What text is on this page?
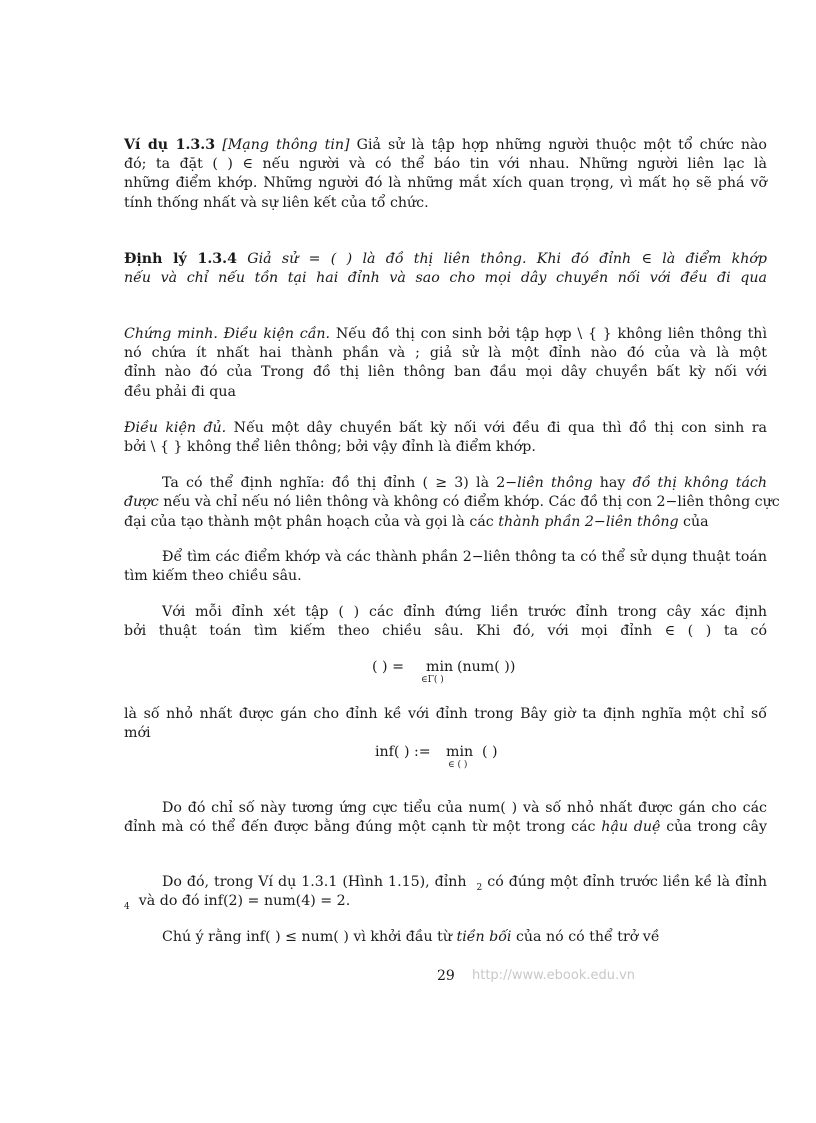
Ví dụ 1.3.3 [Mạng thông tin] Giả sử là tập hợp những người thuộc một tổ chức nào
đó; ta đặt ( ) ∈ nếu người và có thể báo tin với nhau. Những người liên lạc là
những điểm khớp. Những người đó là những mắt xích quan trọng, vì mất họ sẽ phá vỡ
tính thống nhất và sự liên kết của tổ chức.
Định lý 1.3.4 Giả sử = ( ) là đồ thị liên thông. Khi đó đỉnh ∈ là điểm khớp
nếu và chỉ nếu tồn tại hai đỉnh và sao cho mọi dây chuyền nối với đều đi qua
Chứng minh. Điều kiện cần. Nếu đồ thị con sinh bởi tập hợp \ { } không liên thông thì
nó chứa ít nhất hai thành phần và ; giả sử là một đỉnh nào đó của và là một
đỉnh nào đó của Trong đồ thị liên thông ban đầu mọi dây chuyền bất kỳ nối với
đều phải đi qua
Điều kiện đủ. Nếu một dây chuyền bất kỳ nối với đều đi qua thì đồ thị con sinh ra
bởi \ { } không thể liên thông; bởi vậy đỉnh là điểm khớp.
Ta có thể định nghĩa: đồ thị đỉnh ( ≥ 3) là 2−liên thông hay đồ thị không tách
được nếu và chỉ nếu nó liên thông và không có điểm khớp. Các đồ thị con 2−liên thông cực
đại của tạo thành một phân hoạch của và gọi là các thành phần 2−liên thông của
Để tìm các điểm khớp và các thành phần 2−liên thông ta có thể sử dụng thuật toán
tìm kiếm theo chiều sâu.
Với mỗi đỉnh xét tập ( ) các đỉnh đứng liền trước đỉnh trong cây xác định
bởi thuật toán tìm kiếm theo chiều sâu. Khi đó, với mọi đỉnh ∈ ( ) ta có
( ) = min
∈Γ( )
(num( ))
là số nhỏ nhất được gán cho đỉnh kề với đỉnh trong Bây giờ ta định nghĩa một chỉ số
mới
inf( ) := min
∈ ( )
( )
Do đó chỉ số này tương ứng cực tiểu của num( ) và số nhỏ nhất được gán cho các
đỉnh mà có thể đến được bằng đúng một cạnh từ một trong các hậu duệ của trong cây
Do đó, trong Ví dụ 1.3.1 (Hình 1.15), đỉnh $_2$ có đúng một đỉnh trước liền kề là đỉnh
$_4$ và do đó inf(2) = num(4) = 2.
Chú ý rằng inf( ) ≤ num( ) vì khởi đầu từ tiền bối của nó có thể trở về
29 http://www.ebook.edu.vn
